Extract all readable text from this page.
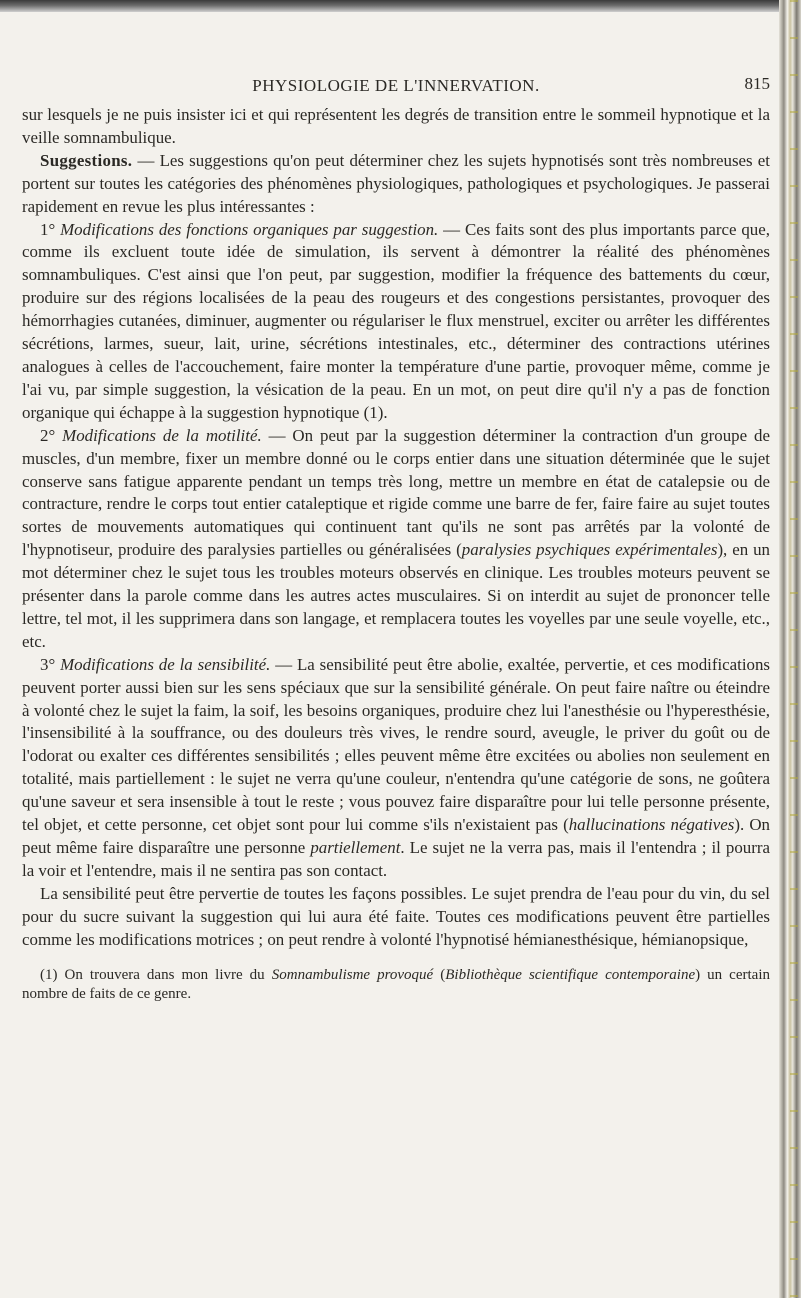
PHYSIOLOGIE DE L'INNERVATION.	815

sur lesquels je ne puis insister ici et qui représentent les degrés de transition entre le sommeil hypnotique et la veille somnambulique.

Suggestions. — Les suggestions qu'on peut déterminer chez les sujets hypnotisés sont très nombreuses et portent sur toutes les catégories des phénomènes physiologiques, pathologiques et psychologiques. Je passerai rapidement en revue les plus intéressantes :

1° Modifications des fonctions organiques par suggestion. — Ces faits sont des plus importants parce que, comme ils excluent toute idée de simulation, ils servent à démontrer la réalité des phénomènes somnambuliques. C'est ainsi que l'on peut, par suggestion, modifier la fréquence des battements du cœur, produire sur des régions localisées de la peau des rougeurs et des congestions persistantes, provoquer des hémorrhagies cutanées, diminuer, augmenter ou régulariser le flux menstruel, exciter ou arrêter les différentes sécrétions, larmes, sueur, lait, urine, sécrétions intestinales, etc., déterminer des contractions utérines analogues à celles de l'accouchement, faire monter la température d'une partie, provoquer même, comme je l'ai vu, par simple suggestion, la vésication de la peau. En un mot, on peut dire qu'il n'y a pas de fonction organique qui échappe à la suggestion hypnotique (1).

2° Modifications de la motilité. — On peut par la suggestion déterminer la contraction d'un groupe de muscles, d'un membre, fixer un membre donné ou le corps entier dans une situation déterminée que le sujet conserve sans fatigue apparente pendant un temps très long, mettre un membre en état de catalepsie ou de contracture, rendre le corps tout entier cataleptique et rigide comme une barre de fer, faire faire au sujet toutes sortes de mouvements automatiques qui continuent tant qu'ils ne sont pas arrêtés par la volonté de l'hypnotiseur, produire des paralysies partielles ou généralisées (paralysies psychiques expérimentales), en un mot déterminer chez le sujet tous les troubles moteurs observés en clinique. Les troubles moteurs peuvent se présenter dans la parole comme dans les autres actes musculaires. Si on interdit au sujet de prononcer telle lettre, tel mot, il les supprimera dans son langage, et remplacera toutes les voyelles par une seule voyelle, etc., etc.

3° Modifications de la sensibilité. — La sensibilité peut être abolie, exaltée, pervertie, et ces modifications peuvent porter aussi bien sur les sens spéciaux que sur la sensibilité générale. On peut faire naître ou éteindre à volonté chez le sujet la faim, la soif, les besoins organiques, produire chez lui l'anesthésie ou l'hyperesthésie, l'insensibilité à la souffrance, ou des douleurs très vives, le rendre sourd, aveugle, le priver du goût ou de l'odorat ou exalter ces différentes sensibilités ; elles peuvent même être excitées ou abolies non seulement en totalité, mais partiellement : le sujet ne verra qu'une couleur, n'entendra qu'une catégorie de sons, ne goûtera qu'une saveur et sera insensible à tout le reste ; vous pouvez faire disparaître pour lui telle personne présente, tel objet, et cette personne, cet objet sont pour lui comme s'ils n'existaient pas (hallucinations négatives). On peut même faire disparaître une personne partiellement. Le sujet ne la verra pas, mais il l'entendra ; il pourra la voir et l'entendre, mais il ne sentira pas son contact.

La sensibilité peut être pervertie de toutes les façons possibles. Le sujet prendra de l'eau pour du vin, du sel pour du sucre suivant la suggestion qui lui aura été faite. Toutes ces modifications peuvent être partielles comme les modifications motrices ; on peut rendre à volonté l'hypnotisé hémianesthésique, hémianopsique,

(1) On trouvera dans mon livre du Somnambulisme provoqué (Bibliothèque scientifique contemporaine) un certain nombre de faits de ce genre.
